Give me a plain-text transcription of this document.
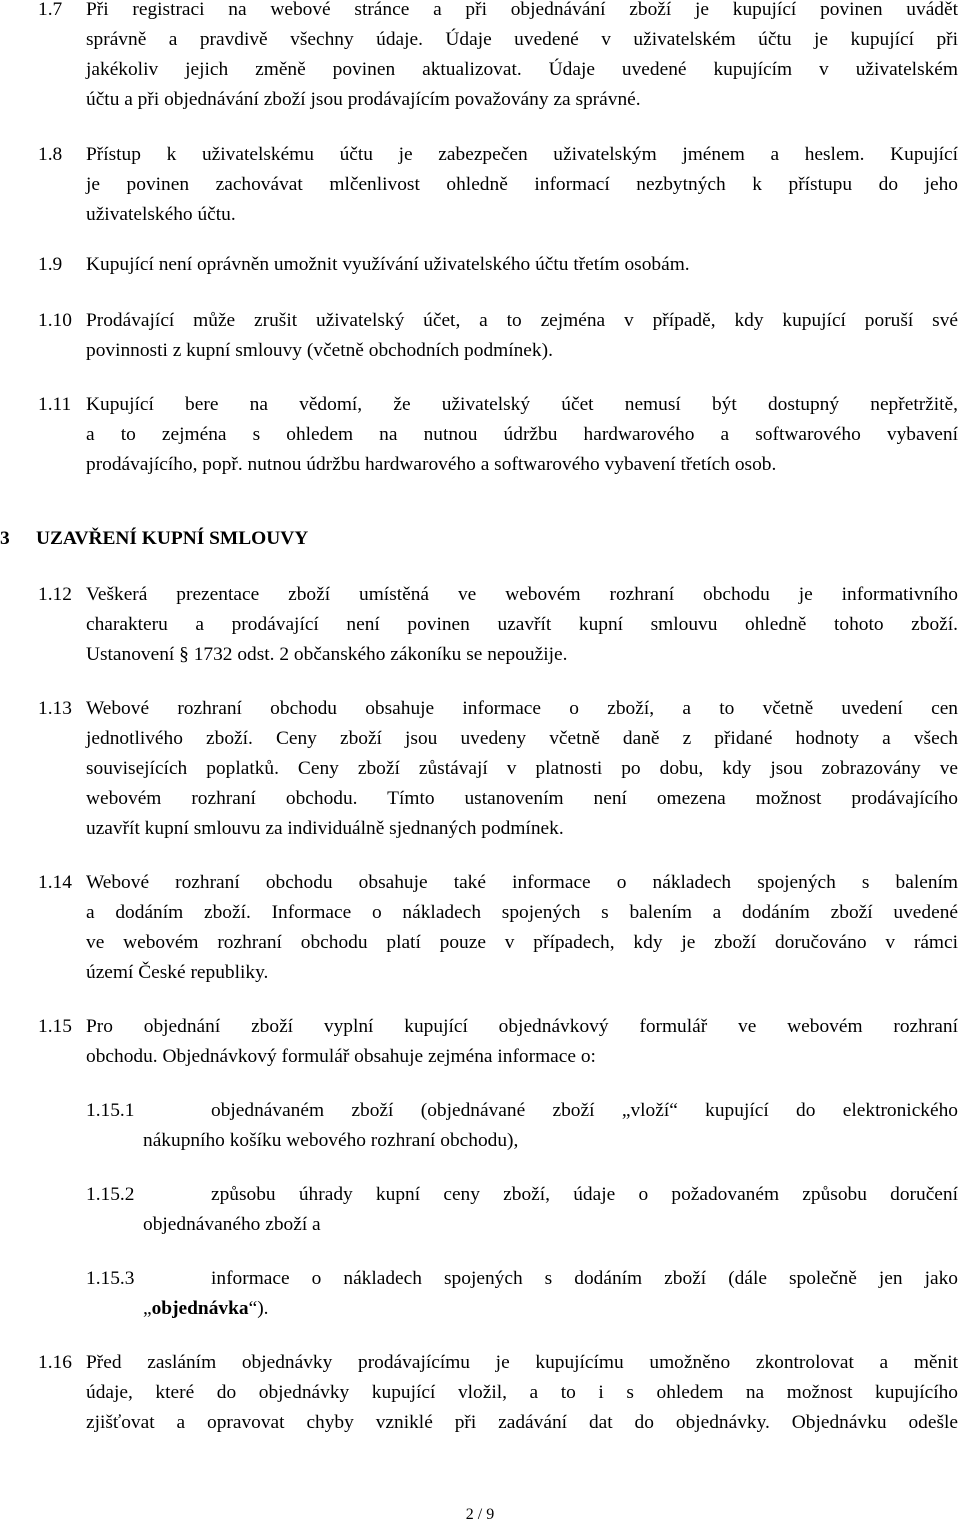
1.7	Při registraci na webové stránce a při objednávání zboží je kupující povinen uvádět
správně a pravdivě všechny údaje. Údaje uvedené v uživatelském účtu je kupující při
jakékoliv jejich změně povinen aktualizovat. Údaje uvedené kupujícím v uživatelském
účtu a při objednávání zboží jsou prodávajícím považovány za správné.
1.8	Přístup k uživatelskému účtu je zabezpečen uživatelským jménem a heslem. Kupující
je povinen zachovávat mlčenlivost ohledně informací nezbytných k přístupu do jeho
uživatelského účtu.
1.9	Kupující není oprávněn umožnit využívání uživatelského účtu třetím osobám.
1.10 Prodávající může zrušit uživatelský účet, a to zejména v případě, kdy kupující poruší své
povinnosti z kupní smlouvy (včetně obchodních podmínek).
1.11 Kupující bere na vědomí, že uživatelský účet nemusí být dostupný nepřetržitě,
a to zejména s ohledem na nutnou údržbu hardwarového a softwarového vybavení
prodávajícího, popř. nutnou údržbu hardwarového a softwarového vybavení třetích osob.
3 UZAVŘENÍ KUPNÍ SMLOUVY
1.12 Veškerá prezentace zboží umístěná ve webovém rozhraní obchodu je informativního
charakteru a prodávající není povinen uzavřít kupní smlouvu ohledně tohoto zboží.
Ustanovení § 1732 odst. 2 občanského zákoníku se nepoužije.
1.13 Webové rozhraní obchodu obsahuje informace o zboží, a to včetně uvedení cen
jednotlivého zboží. Ceny zboží jsou uvedeny včetně daně z přidané hodnoty a všech
souvisejících poplatků. Ceny zboží zůstávají v platnosti po dobu, kdy jsou zobrazovány ve
webovém rozhraní obchodu. Tímto ustanovením není omezena možnost prodávajícího
uzavřít kupní smlouvu za individuálně sjednaných podmínek.
1.14 Webové rozhraní obchodu obsahuje také informace o nákladech spojených s balením
a dodáním zboží. Informace o nákladech spojených s balením a dodáním zboží uvedené
ve webovém rozhraní obchodu platí pouze v případech, kdy je zboží doručováno v rámci
území České republiky.
1.15 Pro objednání zboží vyplní kupující objednávkový formulář ve webovém rozhraní
obchodu. Objednávkový formulář obsahuje zejména informace o:
1.15.1	objednávaném zboží (objednávané zboží „vloží“ kupující do elektronického
nákupního košíku webového rozhraní obchodu),
1.15.2	způsobu úhrady kupní ceny zboží, údaje o požadovaném způsobu doručení
objednávaného zboží a
1.15.3	informace o nákladech spojených s dodáním zboží (dále společně jen jako
„objednávka“).
1.16 Před zasláním objednávky prodávajícímu je kupujícímu umožněno zkontrolovat a měnit
údaje, které do objednávky kupující vložil, a to i s ohledem na možnost kupujícího
zjišťovat a opravovat chyby vzniklé při zadávání dat do objednávky. Objednávku odešle
2 / 9
